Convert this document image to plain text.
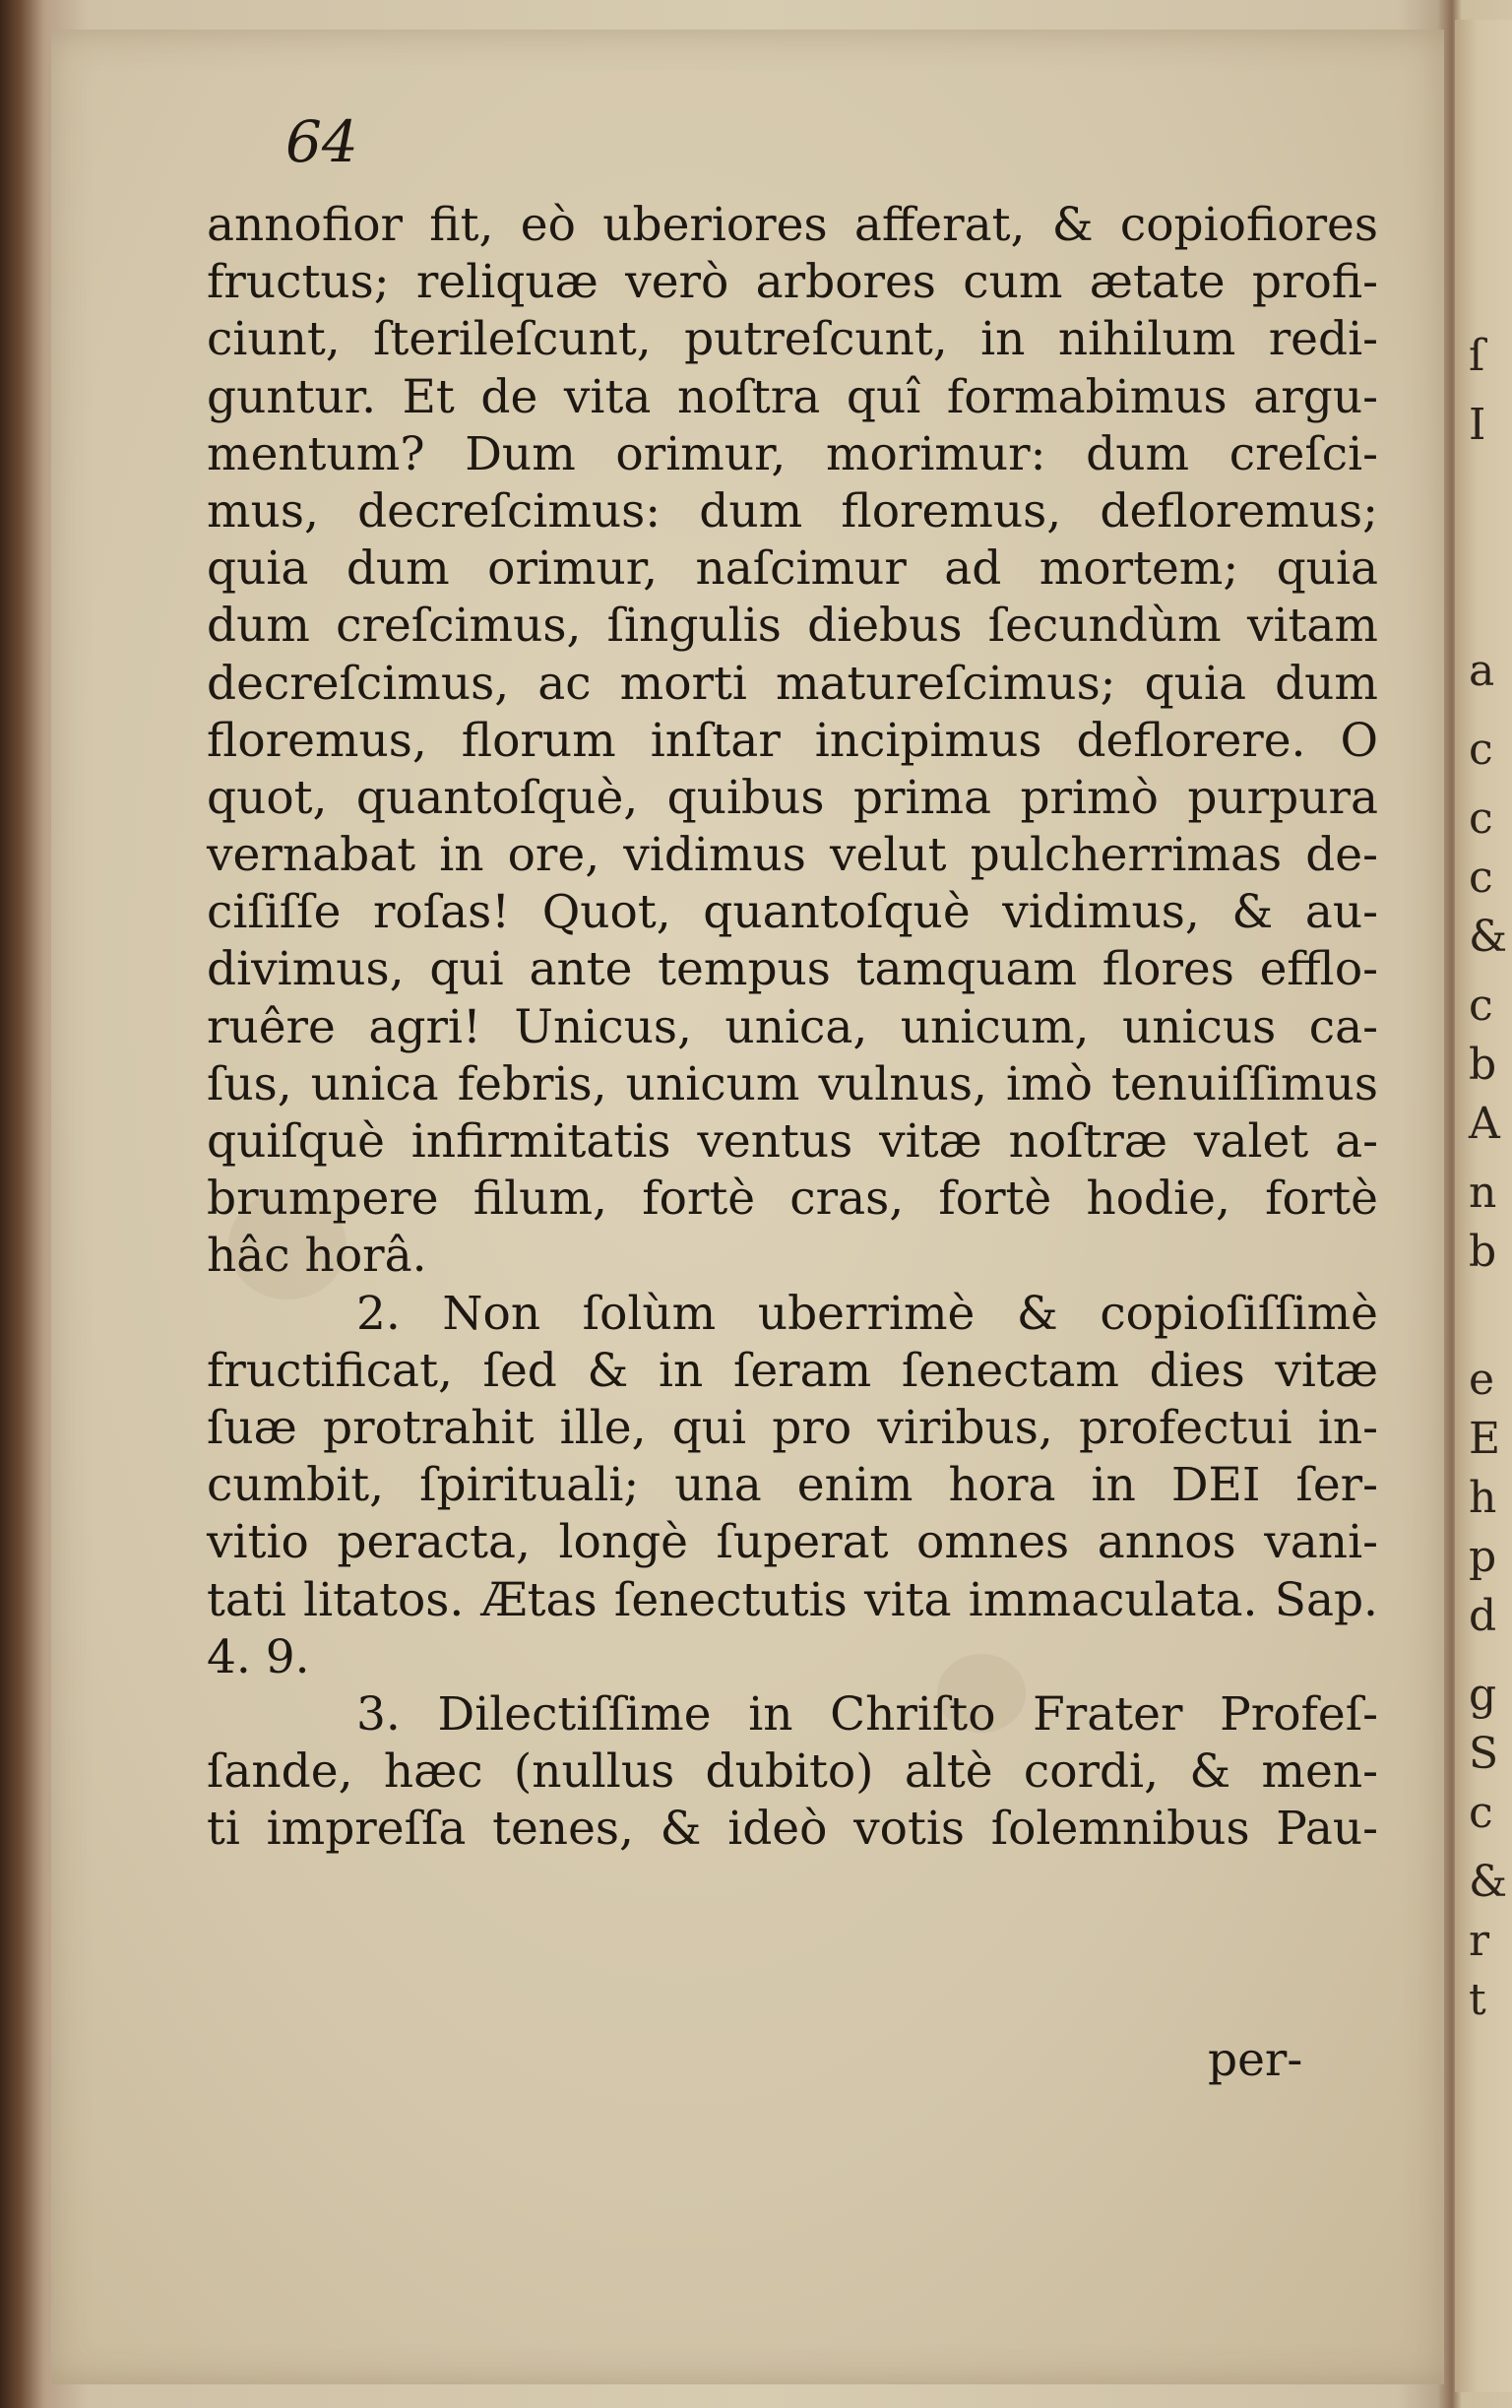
64
annofior fit, eò uberiores afferat, & copiofiores
fructus; reliquæ verò arbores cum ætate profi-
ciunt, ſterileſcunt, putreſcunt, in nihilum redi-
guntur. Et de vita noſtra quî formabimus argu-
mentum? Dum orimur, morimur: dum creſci-
mus, decreſcimus: dum floremus, defloremus;
quia dum orimur, naſcimur ad mortem; quia
dum creſcimus, ſingulis diebus ſecundùm vitam
decreſcimus, ac morti matureſcimus; quia dum
floremus, florum inſtar incipimus deflorere. O
quot, quantoſquè, quibus prima primò purpura
vernabat in ore, vidimus velut pulcherrimas de-
ciſiſſe roſas! Quot, quantoſquè vidimus, & au-
divimus, qui ante tempus tamquam flores efflo-
ruêre agri! Unicus, unica, unicum, unicus ca-
ſus, unica febris, unicum vulnus, imò tenuiſſimus
quiſquè infirmitatis ventus vitæ noſtræ valet a-
brumpere filum, fortè cras, fortè hodie, fortè
hâc horâ.
2. Non ſolùm uberrimè & copioſiſſimè
fructificat, ſed & in ſeram ſenectam dies vitæ
ſuæ protrahit ille, qui pro viribus, profectui in-
cumbit, ſpirituali; una enim hora in DEI ſer-
vitio peracta, longè ſuperat omnes annos vani-
tati litatos. Ætas ſenectutis vita immaculata. Sap.
4. 9.
3. Dilectiſſime in Chriſto Frater Profeſ-
ſande, hæc (nullus dubito) altè cordi, & men-
ti impreſſa tenes, & ideò votis ſolemnibus Pau-
per-
ſ
I
a
c
c
c
&
c
b
A
n
b
e
E
h
p
d
g
S
c
&
r
t
